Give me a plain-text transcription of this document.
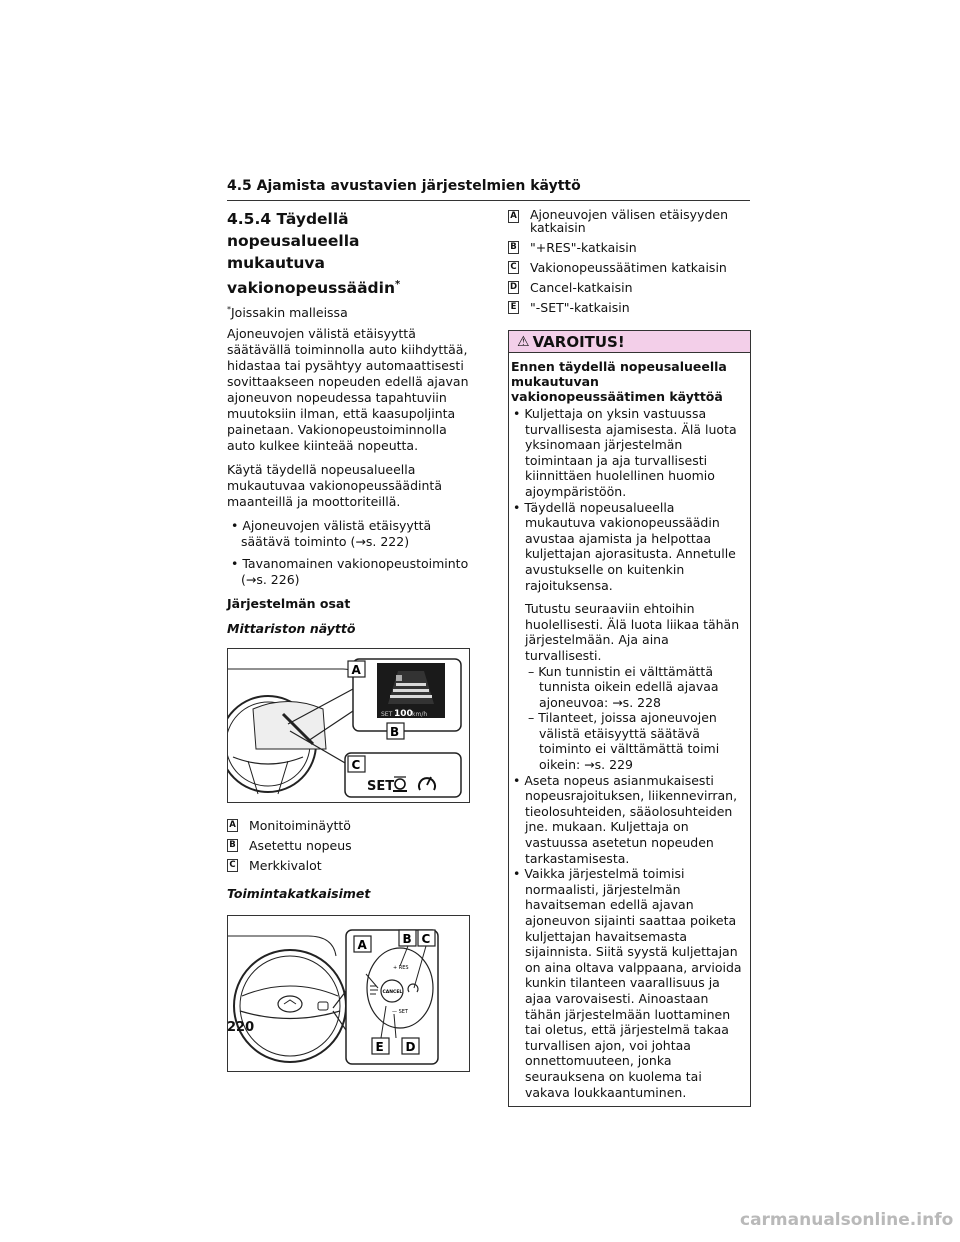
4.5 Ajamista avustavien järjestelmien käyttö
4.5.4 Täydellä nopeusalueella
mukautuva vakionopeussäädin*
*Joissakin malleissa

Ajoneuvojen välistä etäisyyttä säätävällä toiminnolla auto kiihdyttää, hidastaa tai pysähtyy automaattisesti sovittaakseen nopeuden edellä ajavan ajoneuvon nopeudessa tapahtuviin muutoksiin ilman, että kaasupoljinta painetaan. Vakionopeustoiminnolla auto kulkee kiinteää nopeutta.

Käytä täydellä nopeusalueella mukautuvaa vakionopeussäädintä maanteillä ja moottoriteillä.

• Ajoneuvojen välistä etäisyyttä säätävä toiminto (→s. 222)
• Tavanomainen vakionopeustoiminto (→s. 226)
Järjestelmän osat
Mittariston näyttö
SET 100 km/h
SET
A
B
C
A Monitoiminäyttö
B Asetettu nopeus
C Merkkivalot
Toimintakatkaisimet
CANCEL
+ RES
— SET
A	B C
D
E
A Ajoneuvojen välisen etäisyyden katkaisin
B "+RES"-katkaisin
C Vakionopeussäätimen katkaisin
D Cancel-katkaisin
E "-SET"-katkaisin
⚠ VAROITUS!
Ennen täydellä nopeusalueella mukautuvan vakionopeussäätimen käyttöä

• Kuljettaja on yksin vastuussa turvallisesta ajamisesta. Älä luota yksinomaan järjestelmän toimintaan ja aja turvallisesti kiinnittäen huolellinen huomio ajoympäristöön.

• Täydellä nopeusalueella mukautuva vakionopeussäädin avustaa ajamista ja helpottaa kuljettajan ajorasitusta. Annetulle avustukselle on kuitenkin rajoituksensa.

Tutustu seuraaviin ehtoihin huolellisesti. Älä luota liikaa tähän järjestelmään. Aja aina turvallisesti.

– Kun tunnistin ei välttämättä tunnista oikein edellä ajavaa ajoneuvoa: →s. 228

– Tilanteet, joissa ajoneuvojen välistä etäisyyttä säätävä toiminto ei välttämättä toimi oikein: →s. 229

• Aseta nopeus asianmukaisesti nopeusrajoituksen, liikennevirran, tieolosuhteiden, sääolosuhteiden jne. mukaan. Kuljettaja on vastuussa asetetun nopeuden tarkastamisesta.

• Vaikka järjestelmä toimisi normaalisti, järjestelmän havaitseman edellä ajavan ajoneuvon sijainti saattaa poiketa kuljettajan havaitsemasta sijainnista. Siitä syystä kuljettajan on aina oltava valppaana, arvioida kunkin tilanteen vaarallisuus ja ajaa varovaisesti. Ainoastaan tähän järjestelmään luottaminen tai oletus, että järjestelmä takaa turvallisen ajon, voi johtaa onnettomuuteen, jonka seurauksena on kuolema tai vakava loukkaantuminen.

220
carmanualsonline.info
